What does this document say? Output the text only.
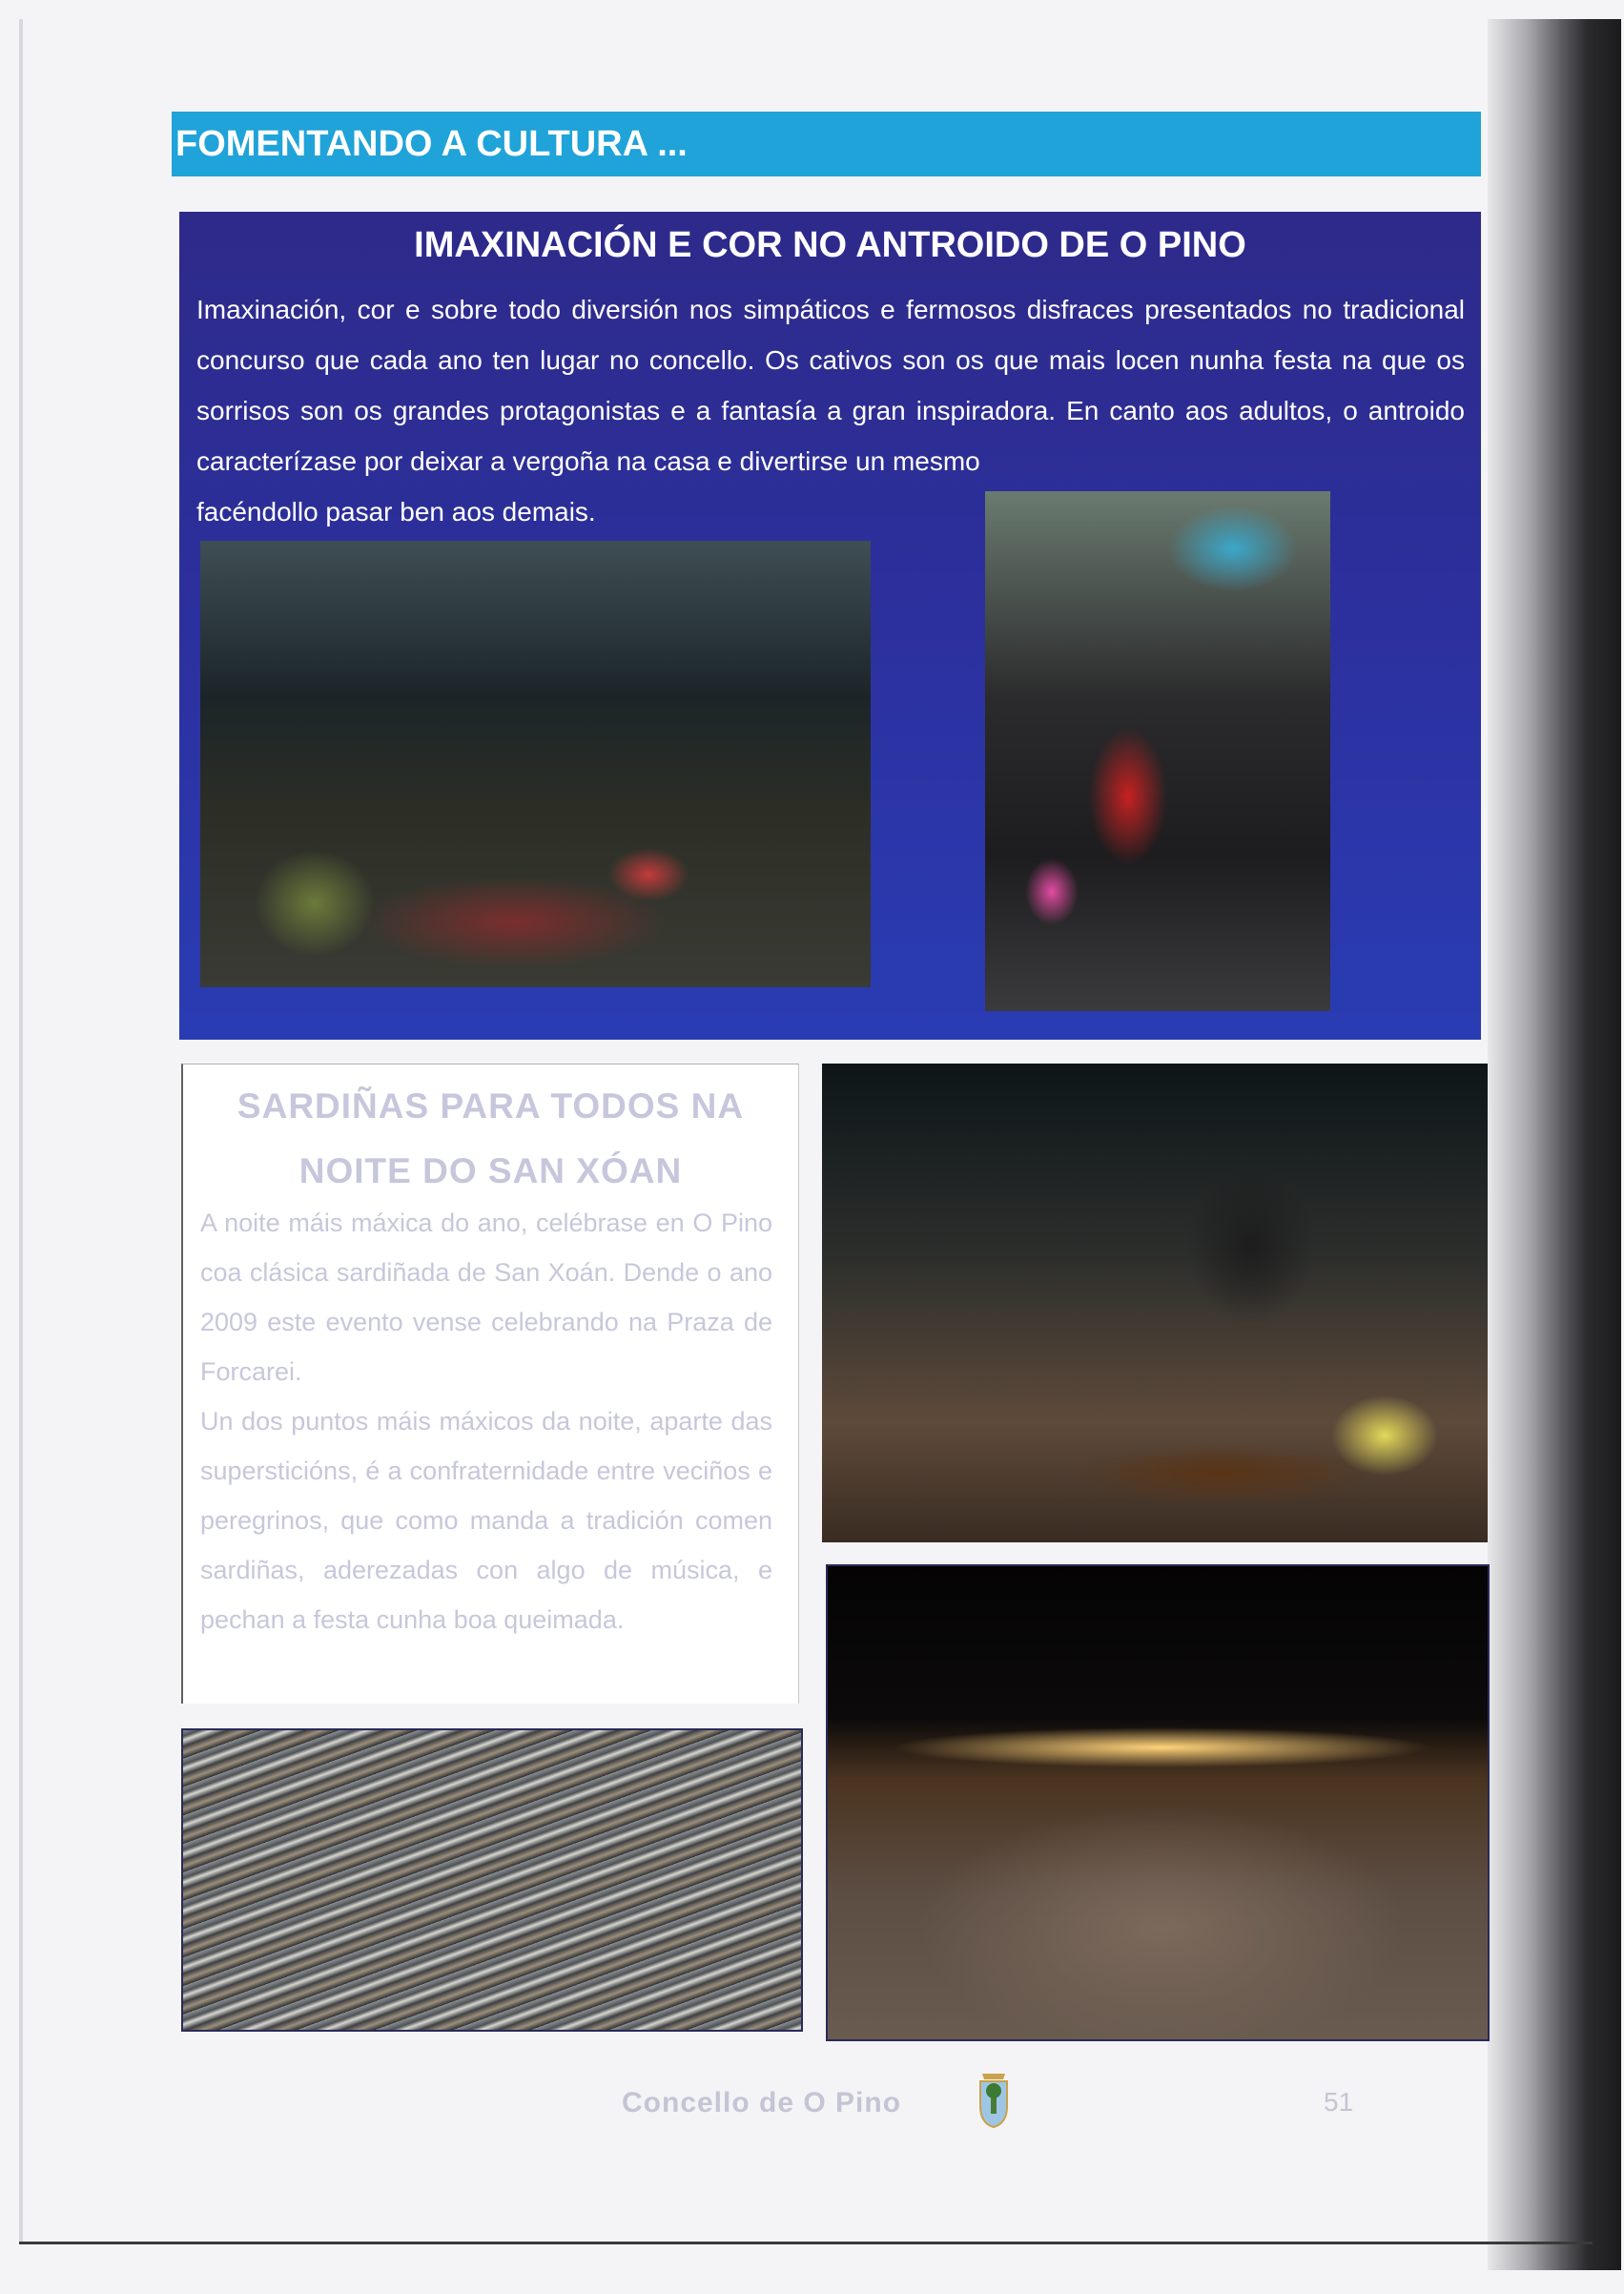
FOMENTANDO A CULTURA ...
IMAXINACIÓN E COR NO ANTROIDO DE O PINO
Imaxinación, cor e sobre todo diversión nos simpáticos e fermosos disfraces presentados no tradicional concurso que cada ano ten lugar no concello. Os cativos son os que mais locen nunha festa na que os sorrisos son os grandes protagonistas e a fantasía a gran inspiradora. En canto aos adultos, o antroido caracterízase por deixar a vergoña na casa e divertirse un mesmo
facéndollo pasar ben aos demais.
SARDIÑAS PARA TODOS NA
NOITE DO SAN XÓAN
A noite máis máxica do ano, celébrase en O Pino coa clásica sardiñada de San Xoán. Dende o ano 2009 este evento vense celebrando na Praza de Forcarei.
Un dos puntos máis máxicos da noite, aparte das supersticións, é a confraternidade entre veciños e peregrinos, que como manda a tradición comen sardiñas, aderezadas con algo de música, e pechan a festa cunha boa queimada.
Concello de O Pino	51
